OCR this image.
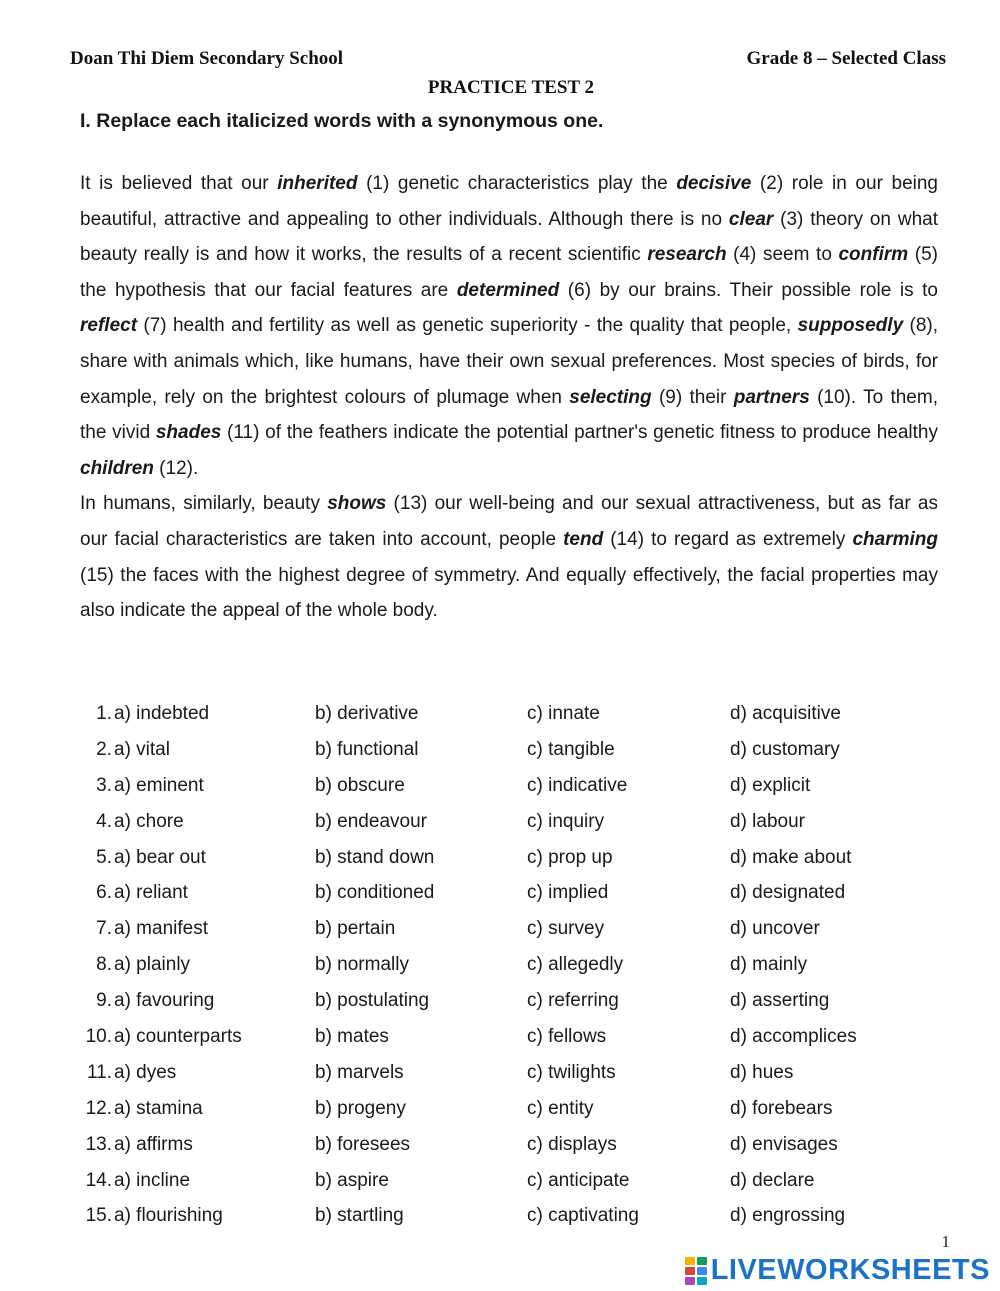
Doan Thi Diem Secondary School	Grade 8 – Selected Class
PRACTICE TEST 2
I. Replace each italicized words with a synonymous one.

It is believed that our inherited (1) genetic characteristics play the decisive (2) role in our being beautiful, attractive and appealing to other individuals. Although there is no clear (3) theory on what beauty really is and how it works, the results of a recent scientific research (4) seem to confirm (5) the hypothesis that our facial features are determined (6) by our brains. Their possible role is to reflect (7) health and fertility as well as genetic superiority - the quality that people, supposedly (8), share with animals which, like humans, have their own sexual preferences. Most species of birds, for example, rely on the brightest colours of plumage when selecting (9) their partners (10). To them, the vivid shades (11) of the feathers indicate the potential partner's genetic fitness to produce healthy children (12).

In humans, similarly, beauty shows (13) our well-being and our sexual attractiveness, but as far as our facial characteristics are taken into account, people tend (14) to regard as extremely charming (15) the faces with the highest degree of symmetry. And equally effectively, the facial properties may also indicate the appeal of the whole body.

1. a) indebted	b) derivative	c) innate	d) acquisitive
2. a) vital	b) functional	c) tangible	d) customary
3. a) eminent	b) obscure	c) indicative	d) explicit
4. a) chore	b) endeavour	c) inquiry	d) labour
5. a) bear out	b) stand down	c) prop up	d) make about
6. a) reliant	b) conditioned	c) implied	d) designated
7. a) manifest	b) pertain	c) survey	d) uncover
8. a) plainly	b) normally	c) allegedly	d) mainly
9. a) favouring	b) postulating	c) referring	d) asserting
10. a) counterparts	b) mates	c) fellows	d) accomplices
11. a) dyes	b) marvels	c) twilights	d) hues
12. a) stamina	b) progeny	c) entity	d) forebears
13. a) affirms	b) foresees	c) displays	d) envisages
14. a) incline	b) aspire	c) anticipate	d) declare
15. a) flourishing	b) startling	c) captivating	d) engrossing
1
LIVEWORKSHEETS
